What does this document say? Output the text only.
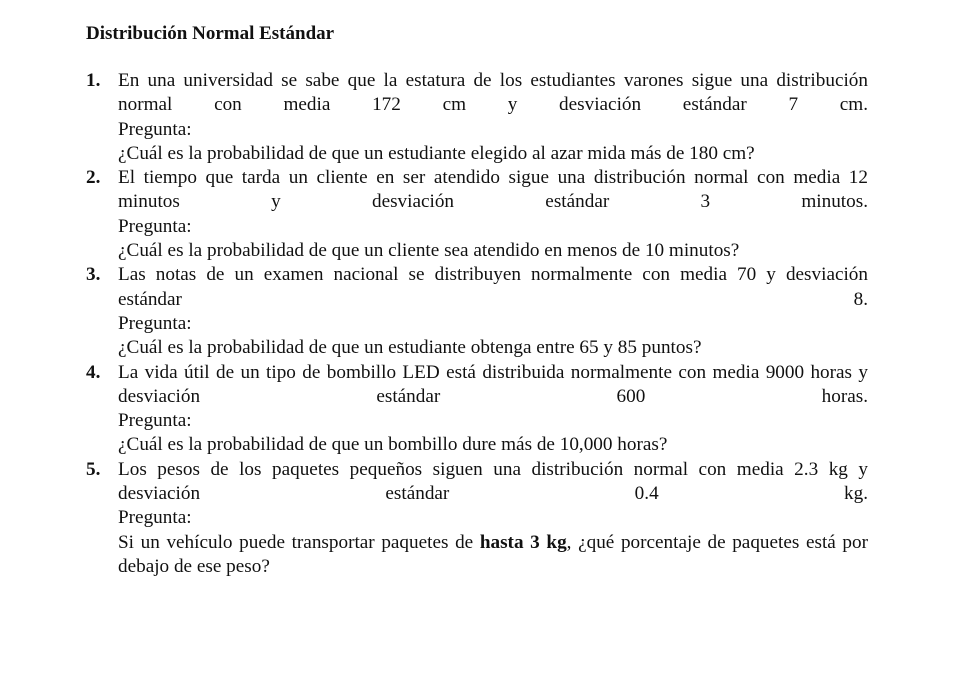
Distribución Normal Estándar
1. En una universidad se sabe que la estatura de los estudiantes varones sigue una distribución normal con media 172 cm y desviación estándar 7 cm.
Pregunta:
¿Cuál es la probabilidad de que un estudiante elegido al azar mida más de 180 cm?
2. El tiempo que tarda un cliente en ser atendido sigue una distribución normal con media 12 minutos y desviación estándar 3 minutos.
Pregunta:
¿Cuál es la probabilidad de que un cliente sea atendido en menos de 10 minutos?
3. Las notas de un examen nacional se distribuyen normalmente con media 70 y desviación estándar 8.
Pregunta:
¿Cuál es la probabilidad de que un estudiante obtenga entre 65 y 85 puntos?
4. La vida útil de un tipo de bombillo LED está distribuida normalmente con media 9000 horas y desviación estándar 600 horas.
Pregunta:
¿Cuál es la probabilidad de que un bombillo dure más de 10,000 horas?
5. Los pesos de los paquetes pequeños siguen una distribución normal con media 2.3 kg y desviación estándar 0.4 kg.
Pregunta:
Si un vehículo puede transportar paquetes de hasta 3 kg, ¿qué porcentaje de paquetes está por debajo de ese peso?
